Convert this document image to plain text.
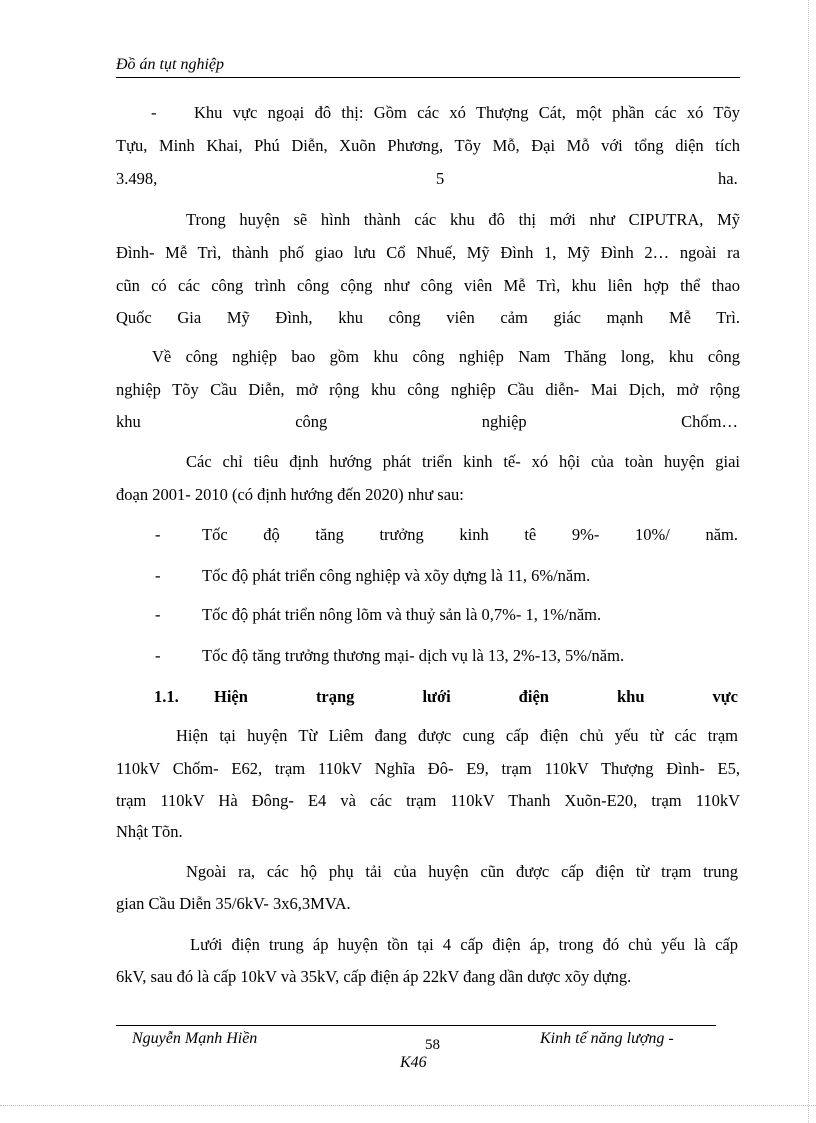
Đồ án tụt nghiệp
- Khu vực ngoại đô thị: Gồm các xó Thượng Cát, một phần các xó Tõy
Tựu, Minh Khai, Phú Diễn, Xuõn Phương, Tõy Mỗ, Đại Mỗ với tổng diện tích
3.498,	5	ha.
Trong huyện sẽ hình thành các khu đô thị mới như CIPUTRA, Mỹ
Đình- Mễ Trì, thành phố giao lưu Cổ Nhuế, Mỹ Đình 1, Mỹ Đình 2… ngoài ra
cũn có các công trình công cộng như công viên Mễ Trì, khu liên hợp thể thao
Quốc Gia Mỹ Đình, khu công viên cảm giác mạnh Mễ Trì.
Về công nghiệp bao gồm khu công nghiệp Nam Thăng long, khu công
nghiệp Tõy Cầu Diễn, mở rộng khu công nghiệp Cầu diễn- Mai Dịch, mở rộng
khu công nghiệp Chốm…
Các chỉ tiêu định hướng phát triển kinh tế- xó hội của toàn huyện giai
đoạn 2001- 2010 (có định hướng đến 2020) như sau:
-	Tốc độ tăng trưởng kinh tê 9%- 10%/ năm.
-	Tốc độ phát triển công nghiệp và xõy dựng là 11, 6%/năm.
-	Tốc độ phát triển nông lõm và thuỷ sản là 0,7%- 1, 1%/năm.
-	Tốc độ tăng trưởng thương mại- dịch vụ là 13, 2%-13, 5%/năm.
1.1. Hiện trạng lưới điện khu vực
Hiện tại huyện Từ Liêm đang được cung cấp điện chủ yếu từ các trạm
110kV Chốm- E62, trạm 110kV Nghĩa Đô- E9, trạm 110kV Thượng Đình- E5,
trạm 110kV Hà Đông- E4 và các trạm 110kV Thanh Xuõn-E20, trạm 110kV
Nhật Tõn.
Ngoài ra, các hộ phụ tải của huyện cũn được cấp điện từ trạm trung
gian Cầu Diễn 35/6kV- 3x6,3MVA.
Lưới điện trung áp huyện tồn tại 4 cấp điện áp, trong đó chủ yếu là cấp
6kV, sau đó là cấp 10kV và 35kV, cấp điện áp 22kV đang dần dược xõy dựng.
Nguyễn Mạnh Hiền	58	Kinh tế năng lượng -
K46
